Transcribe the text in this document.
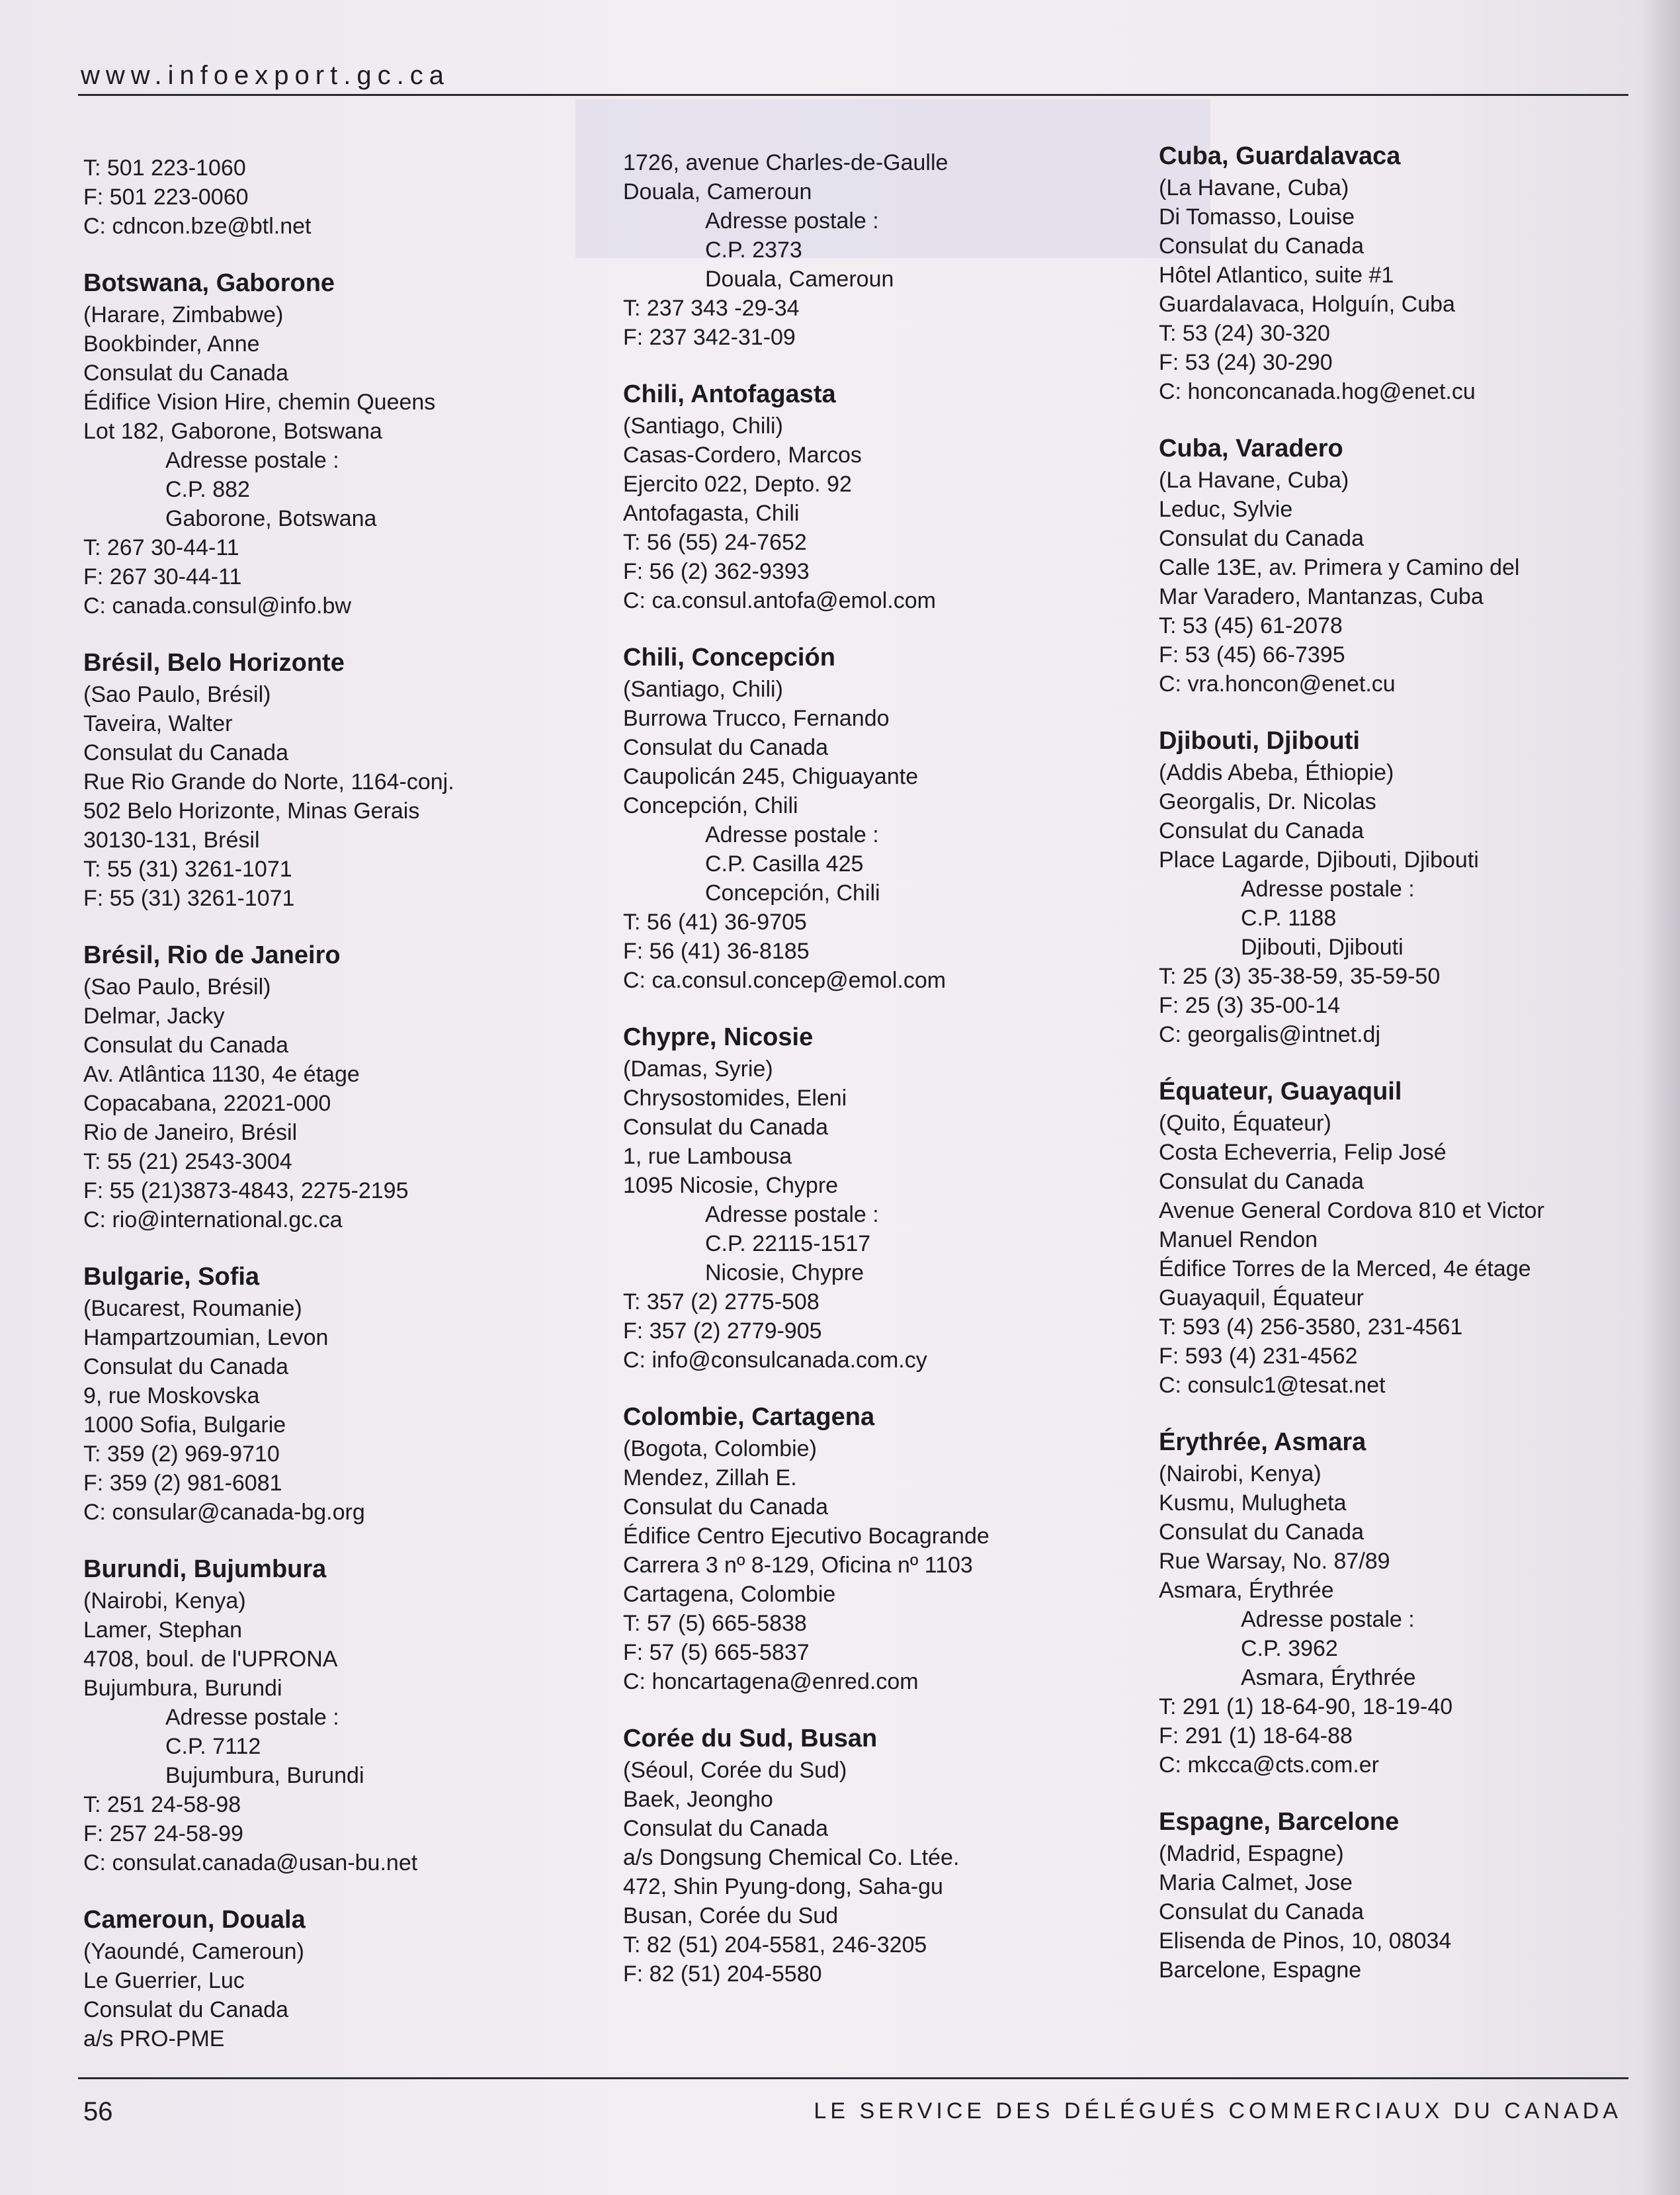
www.infoexport.gc.ca
T: 501 223-1060
F: 501 223-0060
C: cdncon.bze@btl.net
Botswana, Gaborone
(Harare, Zimbabwe)
Bookbinder, Anne
Consulat du Canada
Édifice Vision Hire, chemin Queens
Lot 182, Gaborone, Botswana
Adresse postale :
C.P. 882
Gaborone, Botswana
T: 267 30-44-11
F: 267 30-44-11
C: canada.consul@info.bw
Brésil, Belo Horizonte
(Sao Paulo, Brésil)
Taveira, Walter
Consulat du Canada
Rue Rio Grande do Norte, 1164-conj.
502 Belo Horizonte, Minas Gerais
30130-131, Brésil
T: 55 (31) 3261-1071
F: 55 (31) 3261-1071
Brésil, Rio de Janeiro
(Sao Paulo, Brésil)
Delmar, Jacky
Consulat du Canada
Av. Atlântica 1130, 4e étage
Copacabana, 22021-000
Rio de Janeiro, Brésil
T: 55 (21) 2543-3004
F: 55 (21)3873-4843, 2275-2195
C: rio@international.gc.ca
Bulgarie, Sofia
(Bucarest, Roumanie)
Hampartzoumian, Levon
Consulat du Canada
9, rue Moskovska
1000 Sofia, Bulgarie
T: 359 (2) 969-9710
F: 359 (2) 981-6081
C: consular@canada-bg.org
Burundi, Bujumbura
(Nairobi, Kenya)
Lamer, Stephan
4708, boul. de l'UPRONA
Bujumbura, Burundi
Adresse postale :
C.P. 7112
Bujumbura, Burundi
T: 251 24-58-98
F: 257 24-58-99
C: consulat.canada@usan-bu.net
Cameroun, Douala
(Yaoundé, Cameroun)
Le Guerrier, Luc
Consulat du Canada
a/s PRO-PME
1726, avenue Charles-de-Gaulle
Douala, Cameroun
Adresse postale :
C.P. 2373
Douala, Cameroun
T: 237 343 -29-34
F: 237 342-31-09
Chili, Antofagasta
(Santiago, Chili)
Casas-Cordero, Marcos
Ejercito 022, Depto. 92
Antofagasta, Chili
T: 56 (55) 24-7652
F: 56 (2) 362-9393
C: ca.consul.antofa@emol.com
Chili, Concepción
(Santiago, Chili)
Burrowa Trucco, Fernando
Consulat du Canada
Caupolicán 245, Chiguayante
Concepción, Chili
Adresse postale :
C.P. Casilla 425
Concepción, Chili
T: 56 (41) 36-9705
F: 56 (41) 36-8185
C: ca.consul.concep@emol.com
Chypre, Nicosie
(Damas, Syrie)
Chrysostomides, Eleni
Consulat du Canada
1, rue Lambousa
1095 Nicosie, Chypre
Adresse postale :
C.P. 22115-1517
Nicosie, Chypre
T: 357 (2) 2775-508
F: 357 (2) 2779-905
C: info@consulcanada.com.cy
Colombie, Cartagena
(Bogota, Colombie)
Mendez, Zillah E.
Consulat du Canada
Édifice Centro Ejecutivo Bocagrande
Carrera 3 nº 8-129, Oficina nº 1103
Cartagena, Colombie
T: 57 (5) 665-5838
F: 57 (5) 665-5837
C: honcartagena@enred.com
Corée du Sud, Busan
(Séoul, Corée du Sud)
Baek, Jeongho
Consulat du Canada
a/s Dongsung Chemical Co. Ltée.
472, Shin Pyung-dong, Saha-gu
Busan, Corée du Sud
T: 82 (51) 204-5581, 246-3205
F: 82 (51) 204-5580
Cuba, Guardalavaca
(La Havane, Cuba)
Di Tomasso, Louise
Consulat du Canada
Hôtel Atlantico, suite #1
Guardalavaca, Holguín, Cuba
T: 53 (24) 30-320
F: 53 (24) 30-290
C: honconcanada.hog@enet.cu
Cuba, Varadero
(La Havane, Cuba)
Leduc, Sylvie
Consulat du Canada
Calle 13E, av. Primera y Camino del
Mar Varadero, Mantanzas, Cuba
T: 53 (45) 61-2078
F: 53 (45) 66-7395
C: vra.honcon@enet.cu
Djibouti, Djibouti
(Addis Abeba, Éthiopie)
Georgalis, Dr. Nicolas
Consulat du Canada
Place Lagarde, Djibouti, Djibouti
Adresse postale :
C.P. 1188
Djibouti, Djibouti
T: 25 (3) 35-38-59, 35-59-50
F: 25 (3) 35-00-14
C: georgalis@intnet.dj
Équateur, Guayaquil
(Quito, Équateur)
Costa Echeverria, Felip José
Consulat du Canada
Avenue General Cordova 810 et Victor
Manuel Rendon
Édifice Torres de la Merced, 4e étage
Guayaquil, Équateur
T: 593 (4) 256-3580, 231-4561
F: 593 (4) 231-4562
C: consulc1@tesat.net
Érythrée, Asmara
(Nairobi, Kenya)
Kusmu, Mulugheta
Consulat du Canada
Rue Warsay, No. 87/89
Asmara, Érythrée
Adresse postale :
C.P. 3962
Asmara, Érythrée
T: 291 (1) 18-64-90, 18-19-40
F: 291 (1) 18-64-88
C: mkcca@cts.com.er
Espagne, Barcelone
(Madrid, Espagne)
Maria Calmet, Jose
Consulat du Canada
Elisenda de Pinos, 10, 08034
Barcelone, Espagne
56	LE SERVICE DES DÉLÉGUÉS COMMERCIAUX DU CANADA
